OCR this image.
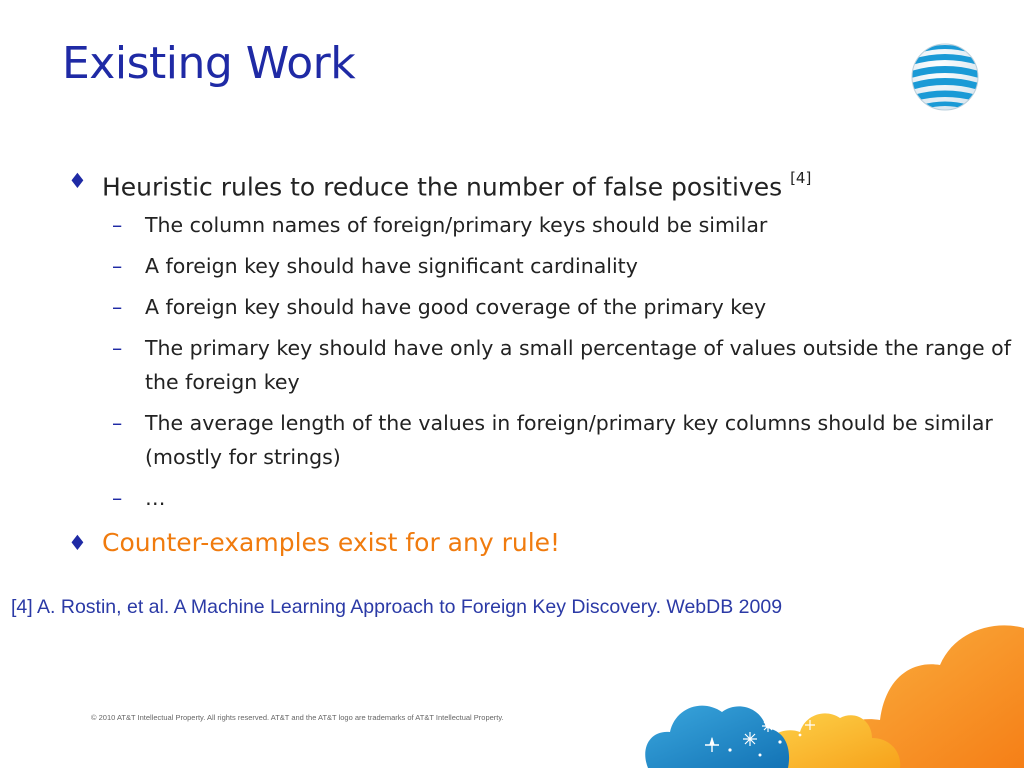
Existing Work
♦ Heuristic rules to reduce the number of false positives [4]
– The column names of foreign/primary keys should be similar
– A foreign key should have significant cardinality
– A foreign key should have good coverage of the primary key
– The primary key should have only a small percentage of values outside the range of the foreign key
– The average length of the values in foreign/primary key columns should be similar (mostly for strings)
– …
♦ Counter-examples exist for any rule!
[4] A. Rostin, et al. A Machine Learning Approach to Foreign Key Discovery. WebDB 2009
© 2010 AT&T Intellectual Property. All rights reserved. AT&T and the AT&T logo are trademarks of AT&T Intellectual Property.
